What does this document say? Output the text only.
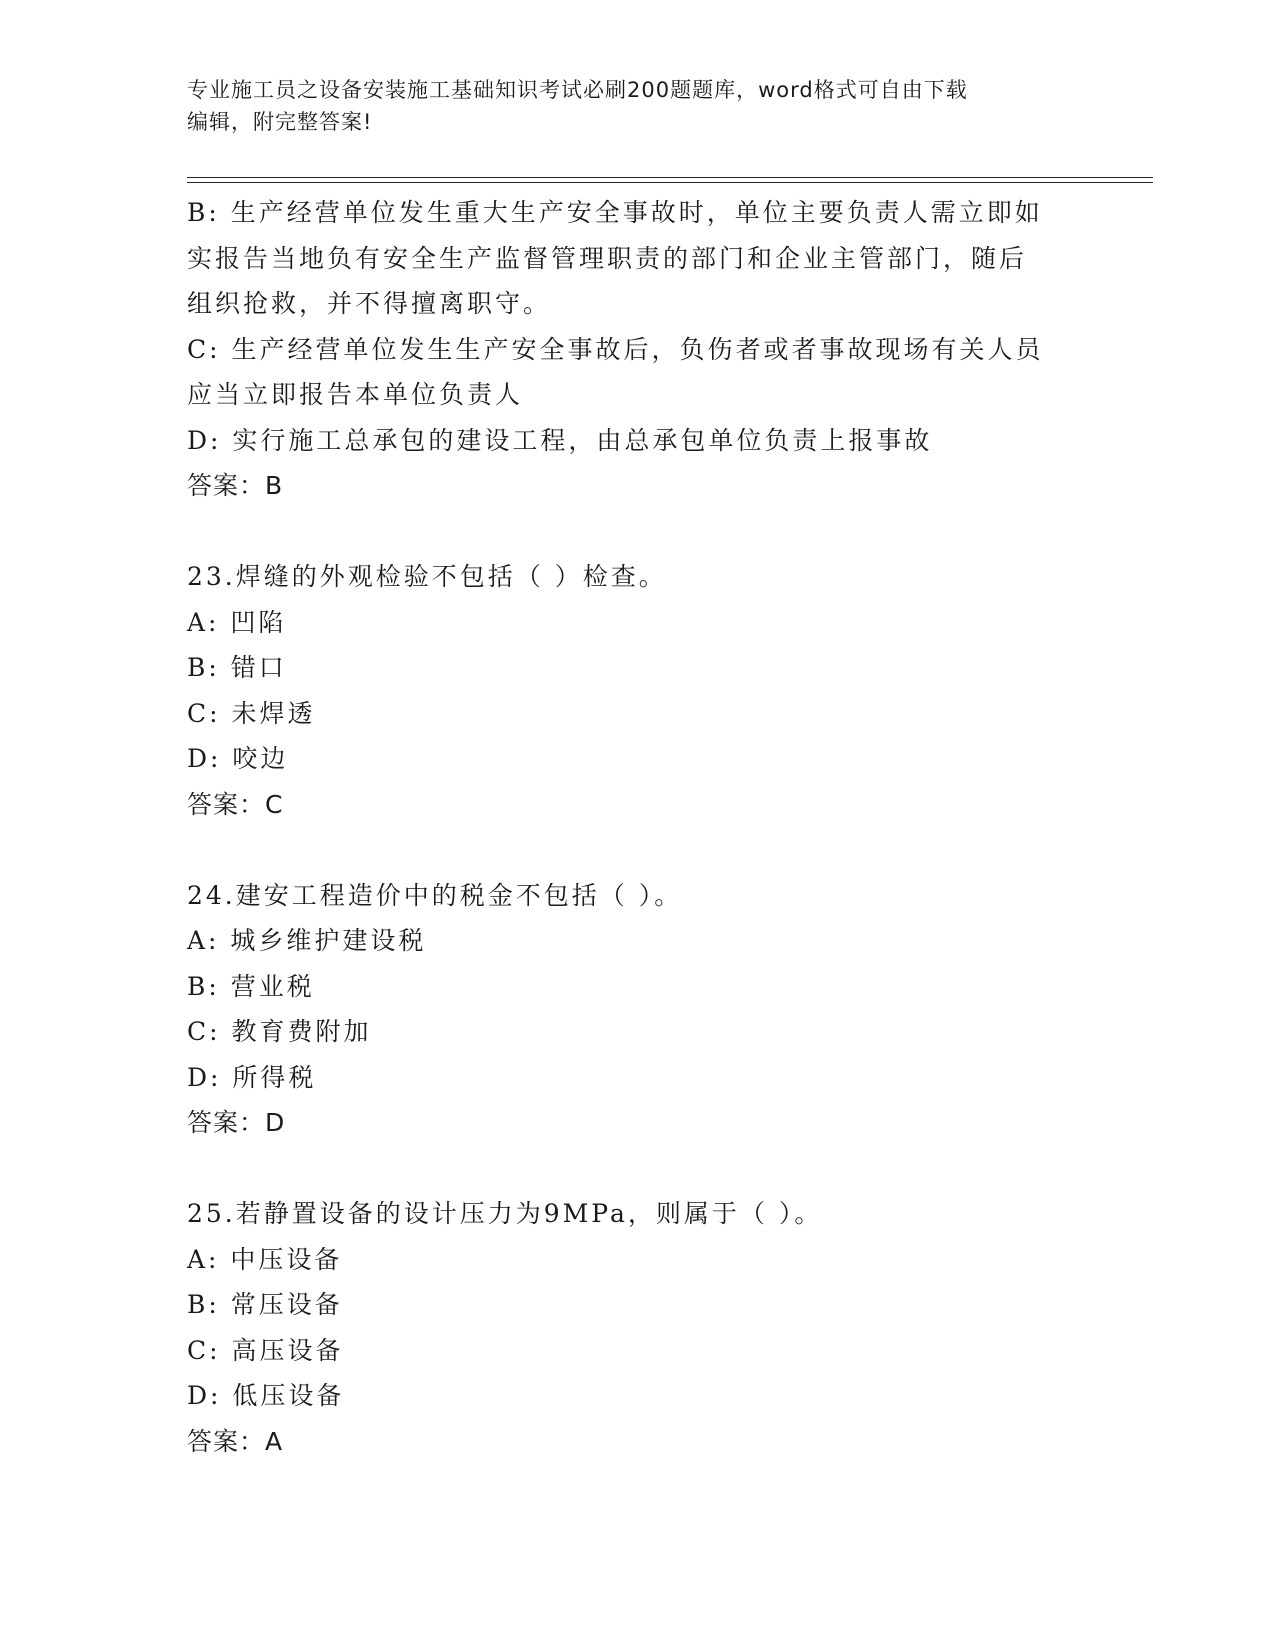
专业施工员之设备安装施工基础知识考试必刷200题题库，word格式可自由下载
编辑，附完整答案!
B: 生产经营单位发生重大生产安全事故时，单位主要负责人需立即如
实报告当地负有安全生产监督管理职责的部门和企业主管部门，随后
组织抢救，并不得擅离职守。
C: 生产经营单位发生生产安全事故后，负伤者或者事故现场有关人员
应当立即报告本单位负责人
D: 实行施工总承包的建设工程，由总承包单位负责上报事故
答案：B
23.焊缝的外观检验不包括（ ）检查。
A: 凹陷
B: 错口
C: 未焊透
D: 咬边
答案：C
24.建安工程造价中的税金不包括（ ）。
A: 城乡维护建设税
B: 营业税
C: 教育费附加
D: 所得税
答案：D
25.若静置设备的设计压力为9MPa，则属于（ ）。
A: 中压设备
B: 常压设备
C: 高压设备
D: 低压设备
答案：A
